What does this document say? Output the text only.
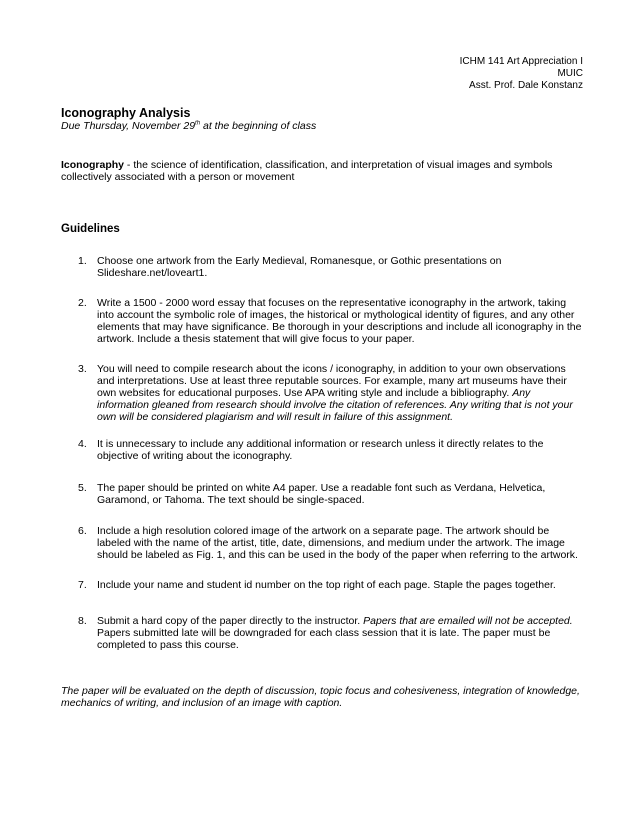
ICHM 141 Art Appreciation I
MUIC
Asst. Prof. Dale Konstanz
Iconography Analysis
Due Thursday, November 29th at the beginning of class
Iconography - the science of identification, classification, and interpretation of visual images and symbols collectively associated with a person or movement
Guidelines
1. Choose one artwork from the Early Medieval, Romanesque, or Gothic presentations on
Slideshare.net/loveart1.
2. Write a 1500 - 2000 word essay that focuses on the representative iconography in the artwork, taking
into account the symbolic role of images, the historical or mythological identity of figures, and any other
elements that may have significance. Be thorough in your descriptions and include all iconography in the
artwork. Include a thesis statement that will give focus to your paper.
3. You will need to compile research about the icons / iconography, in addition to your own observations
and interpretations. Use at least three reputable sources. For example, many art museums have their
own websites for educational purposes. Use APA writing style and include a bibliography. Any
information gleaned from research should involve the citation of references. Any writing that is not your
own will be considered plagiarism and will result in failure of this assignment.
4. It is unnecessary to include any additional information or research unless it directly relates to the
objective of writing about the iconography.
5. The paper should be printed on white A4 paper. Use a readable font such as Verdana, Helvetica,
Garamond, or Tahoma. The text should be single-spaced.
6. Include a high resolution colored image of the artwork on a separate page. The artwork should be
labeled with the name of the artist, title, date, dimensions, and medium under the artwork. The image
should be labeled as Fig. 1, and this can be used in the body of the paper when referring to the artwork.
7. Include your name and student id number on the top right of each page. Staple the pages together.
8. Submit a hard copy of the paper directly to the instructor. Papers that are emailed will not be accepted.
Papers submitted late will be downgraded for each class session that it is late. The paper must be
completed to pass this course.
The paper will be evaluated on the depth of discussion, topic focus and cohesiveness, integration of knowledge,
mechanics of writing, and inclusion of an image with caption.
